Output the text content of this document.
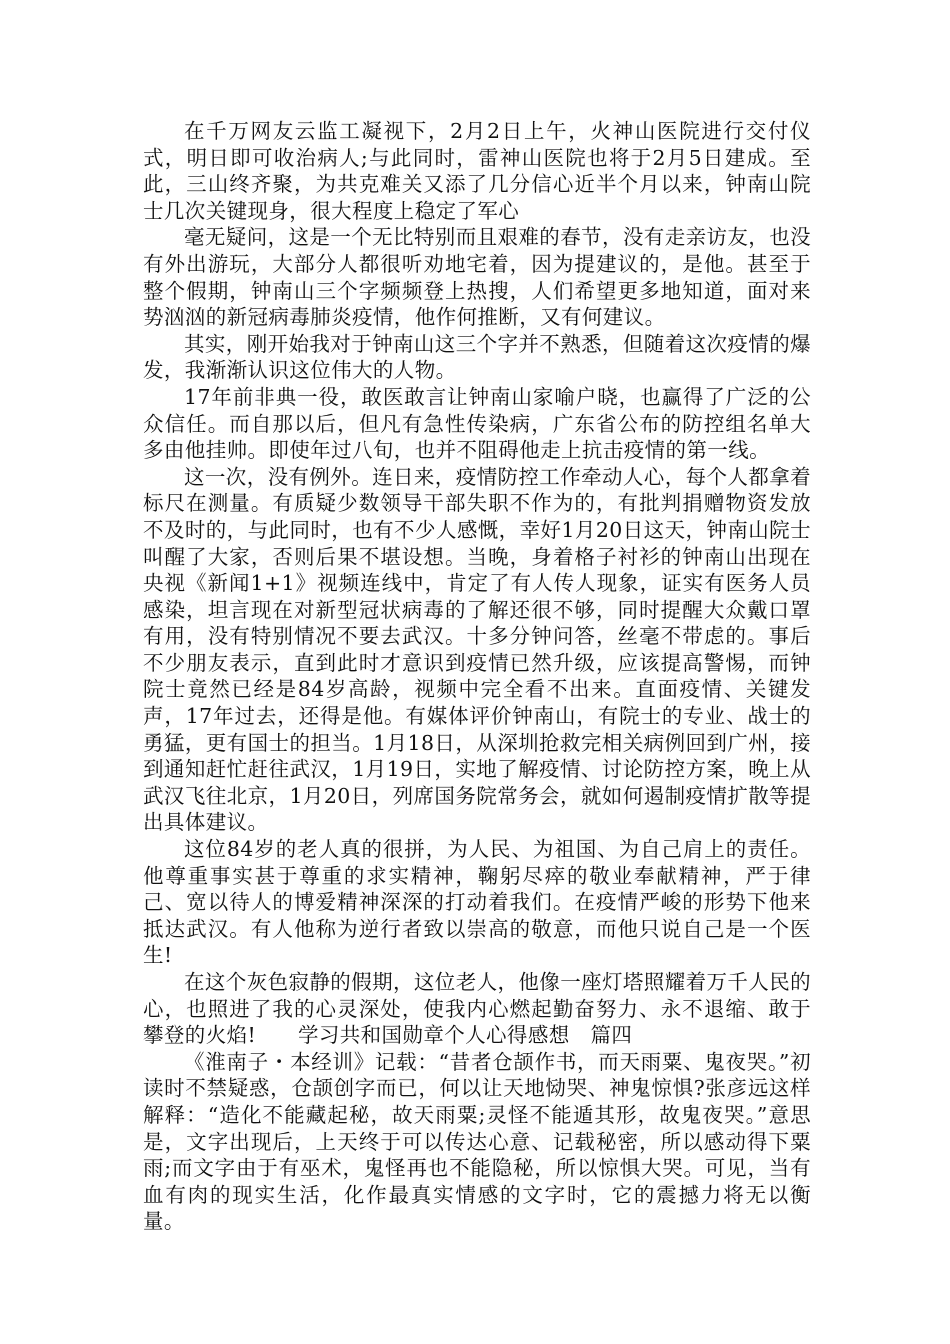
在千万网友云监工凝视下，2月2日上午，火神山医院进行交付仪式，明日即可收治病人;与此同时，雷神山医院也将于2月5日建成。至此，三山终齐聚，为共克难关又添了几分信心近半个月以来，钟南山院士几次关键现身，很大程度上稳定了军心

毫无疑问，这是一个无比特别而且艰难的春节，没有走亲访友，也没有外出游玩，大部分人都很听劝地宅着，因为提建议的，是他。甚至于整个假期，钟南山三个字频频登上热搜，人们希望更多地知道，面对来势汹汹的新冠病毒肺炎疫情，他作何推断，又有何建议。

其实，刚开始我对于钟南山这三个字并不熟悉，但随着这次疫情的爆发，我渐渐认识这位伟大的人物。

17年前非典一役，敢医敢言让钟南山家喻户晓，也赢得了广泛的公众信任。而自那以后，但凡有急性传染病，广东省公布的防控组名单大多由他挂帅。即使年过八旬，也并不阻碍他走上抗击疫情的第一线。

这一次，没有例外。连日来，疫情防控工作牵动人心，每个人都拿着标尺在测量。有质疑少数领导干部失职不作为的，有批判捐赠物资发放不及时的，与此同时，也有不少人感慨，幸好1月20日这天，钟南山院士叫醒了大家，否则后果不堪设想。当晚，身着格子衬衫的钟南山出现在央视《新闻1+1》视频连线中，肯定了有人传人现象，证实有医务人员感染，坦言现在对新型冠状病毒的了解还很不够，同时提醒大众戴口罩有用，没有特别情况不要去武汉。十多分钟问答，丝毫不带虑的。事后不少朋友表示，直到此时才意识到疫情已然升级，应该提高警惕，而钟院士竟然已经是84岁高龄，视频中完全看不出来。直面疫情、关键发声，17年过去，还得是他。有媒体评价钟南山，有院士的专业、战士的勇猛，更有国士的担当。1月18日，从深圳抢救完相关病例回到广州，接到通知赶忙赶往武汉，1月19日，实地了解疫情、讨论防控方案，晚上从武汉飞往北京，1月20日，列席国务院常务会，就如何遏制疫情扩散等提出具体建议。

这位84岁的老人真的很拼，为人民、为祖国、为自己肩上的责任。他尊重事实甚于尊重的求实精神，鞠躬尽瘁的敬业奉献精神，严于律己、宽以待人的博爱精神深深的打动着我们。在疫情严峻的形势下他来抵达武汉。有人他称为逆行者致以崇高的敬意，而他只说自己是一个医生!

在这个灰色寂静的假期，这位老人，他像一座灯塔照耀着万千人民的心，也照进了我的心灵深处，使我内心燃起勤奋努力、永不退缩、敢于攀登的火焰!　　学习共和国勋章个人心得感想　篇四

《淮南子・本经训》记载：“昔者仓颉作书，而天雨粟、鬼夜哭。”初读时不禁疑惑，仓颉创字而已，何以让天地恸哭、神鬼惊惧?张彦远这样解释：“造化不能藏起秘，故天雨粟;灵怪不能遁其形，故鬼夜哭。”意思是，文字出现后，上天终于可以传达心意、记载秘密，所以感动得下粟雨;而文字由于有巫术，鬼怪再也不能隐秘，所以惊惧大哭。可见，当有血有肉的现实生活，化作最真实情感的文字时，它的震撼力将无以衡量。
